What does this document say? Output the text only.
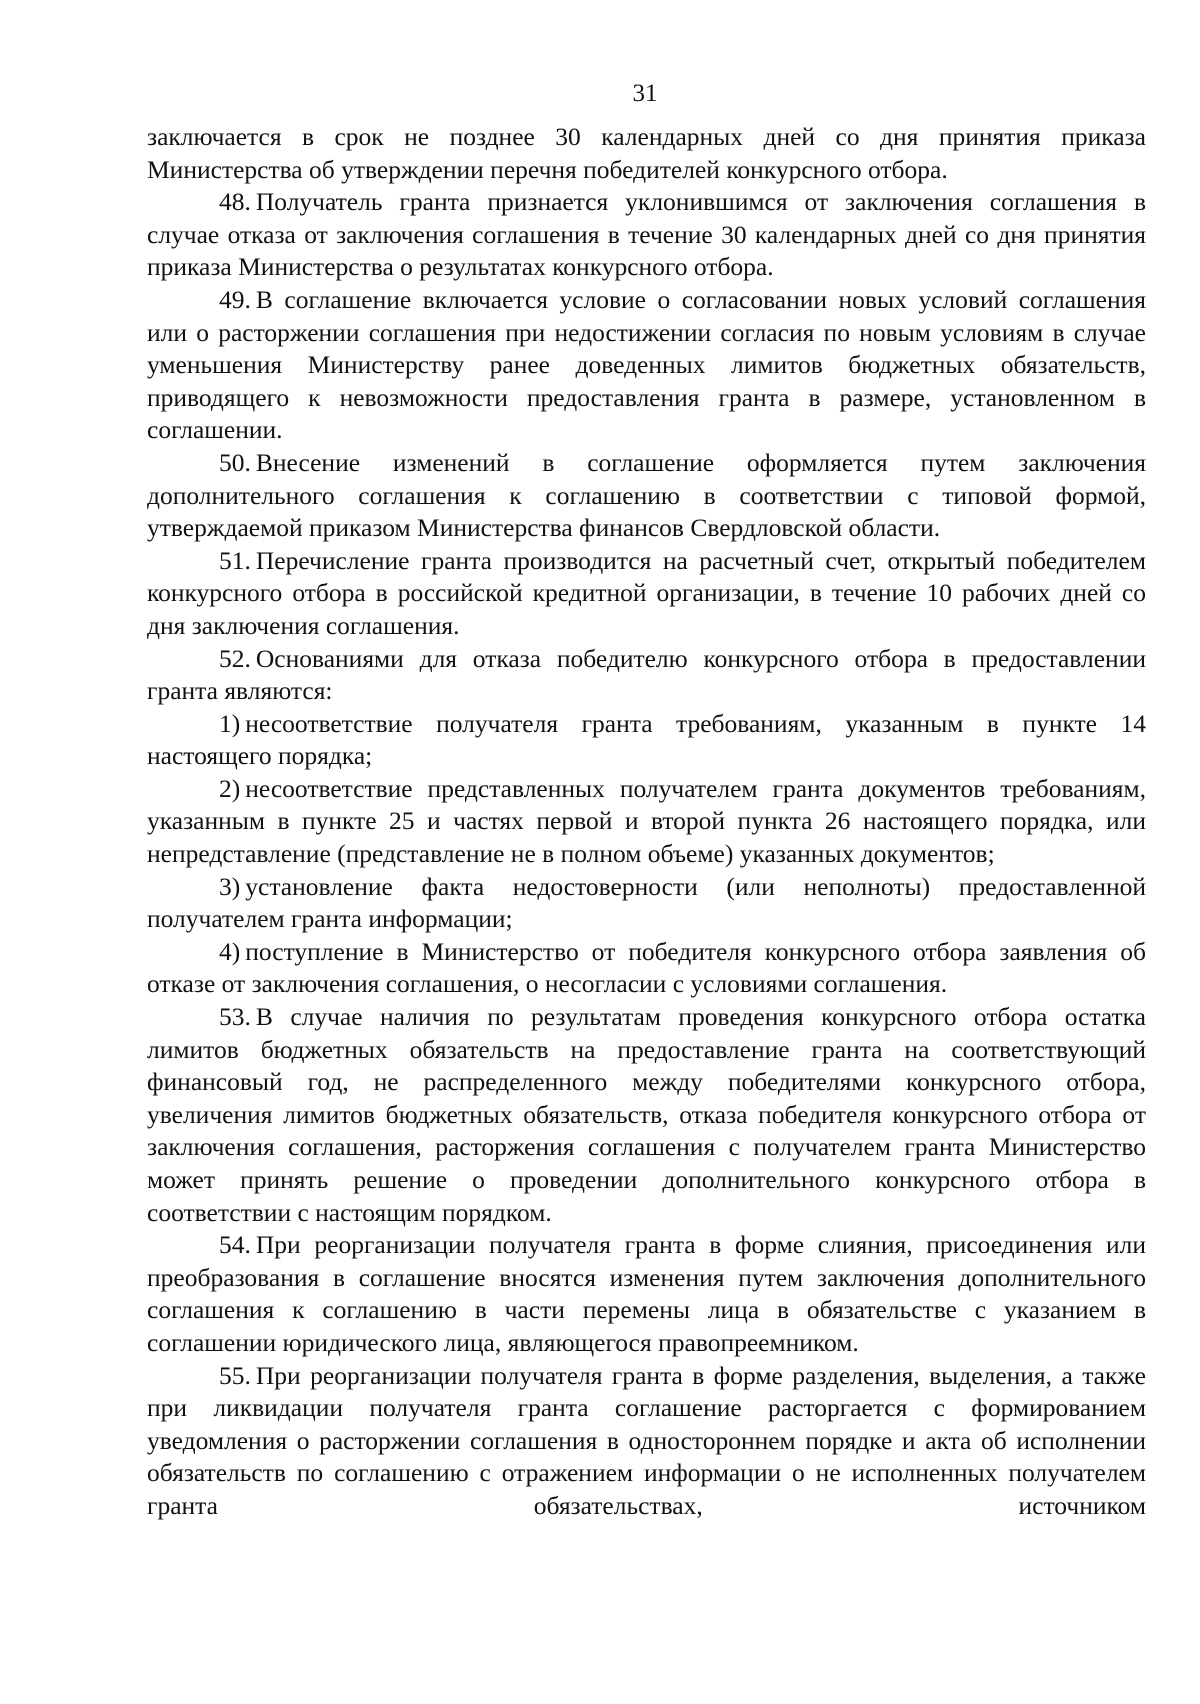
31

заключается в срок не позднее 30 календарных дней со дня принятия приказа Министерства об утверждении перечня победителей конкурсного отбора.

48. Получатель гранта признается уклонившимся от заключения соглашения в случае отказа от заключения соглашения в течение 30 календарных дней со дня принятия приказа Министерства о результатах конкурсного отбора.

49. В соглашение включается условие о согласовании новых условий соглашения или о расторжении соглашения при недостижении согласия по новым условиям в случае уменьшения Министерству ранее доведенных лимитов бюджетных обязательств, приводящего к невозможности предоставления гранта в размере, установленном в соглашении.

50. Внесение изменений в соглашение оформляется путем заключения дополнительного соглашения к соглашению в соответствии с типовой формой, утверждаемой приказом Министерства финансов Свердловской области.

51. Перечисление гранта производится на расчетный счет, открытый победителем конкурсного отбора в российской кредитной организации, в течение 10 рабочих дней со дня заключения соглашения.

52. Основаниями для отказа победителю конкурсного отбора в предоставлении гранта являются:

1) несоответствие получателя гранта требованиям, указанным в пункте 14 настоящего порядка;

2) несоответствие представленных получателем гранта документов требованиям, указанным в пункте 25 и частях первой и второй пункта 26 настоящего порядка, или непредставление (представление не в полном объеме) указанных документов;

3) установление факта недостоверности (или неполноты) предоставленной получателем гранта информации;

4) поступление в Министерство от победителя конкурсного отбора заявления об отказе от заключения соглашения, о несогласии с условиями соглашения.

53. В случае наличия по результатам проведения конкурсного отбора остатка лимитов бюджетных обязательств на предоставление гранта на соответствующий финансовый год, не распределенного между победителями конкурсного отбора, увеличения лимитов бюджетных обязательств, отказа победителя конкурсного отбора от заключения соглашения, расторжения соглашения с получателем гранта Министерство может принять решение о проведении дополнительного конкурсного отбора в соответствии с настоящим порядком.

54. При реорганизации получателя гранта в форме слияния, присоединения или преобразования в соглашение вносятся изменения путем заключения дополнительного соглашения к соглашению в части перемены лица в обязательстве с указанием в соглашении юридического лица, являющегося правопреемником.

55. При реорганизации получателя гранта в форме разделения, выделения, а также при ликвидации получателя гранта соглашение расторгается с формированием уведомления о расторжении соглашения в одностороннем порядке и акта об исполнении обязательств по соглашению с отражением информации о не исполненных получателем гранта обязательствах, источником
